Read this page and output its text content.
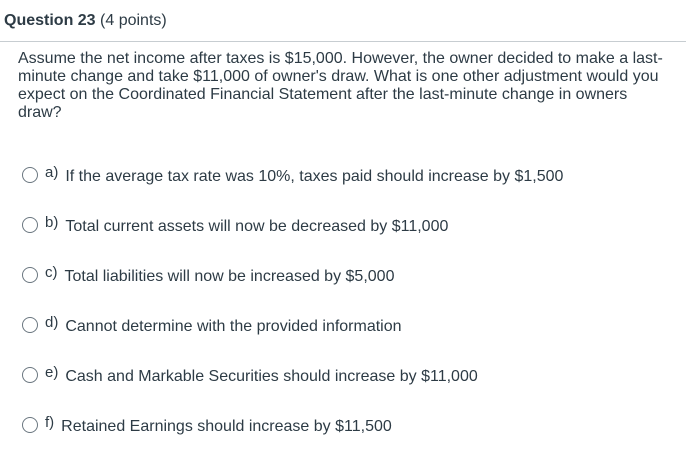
Question 23 (4 points)
Assume the net income after taxes is $15,000. However, the owner decided to make a last-minute change and take $11,000 of owner's draw. What is one other adjustment would you expect on the Coordinated Financial Statement after the last-minute change in owners draw?
a) If the average tax rate was 10%, taxes paid should increase by $1,500
b) Total current assets will now be decreased by $11,000
c) Total liabilities will now be increased by $5,000
d) Cannot determine with the provided information
e) Cash and Markable Securities should increase by $11,000
f) Retained Earnings should increase by $11,500
